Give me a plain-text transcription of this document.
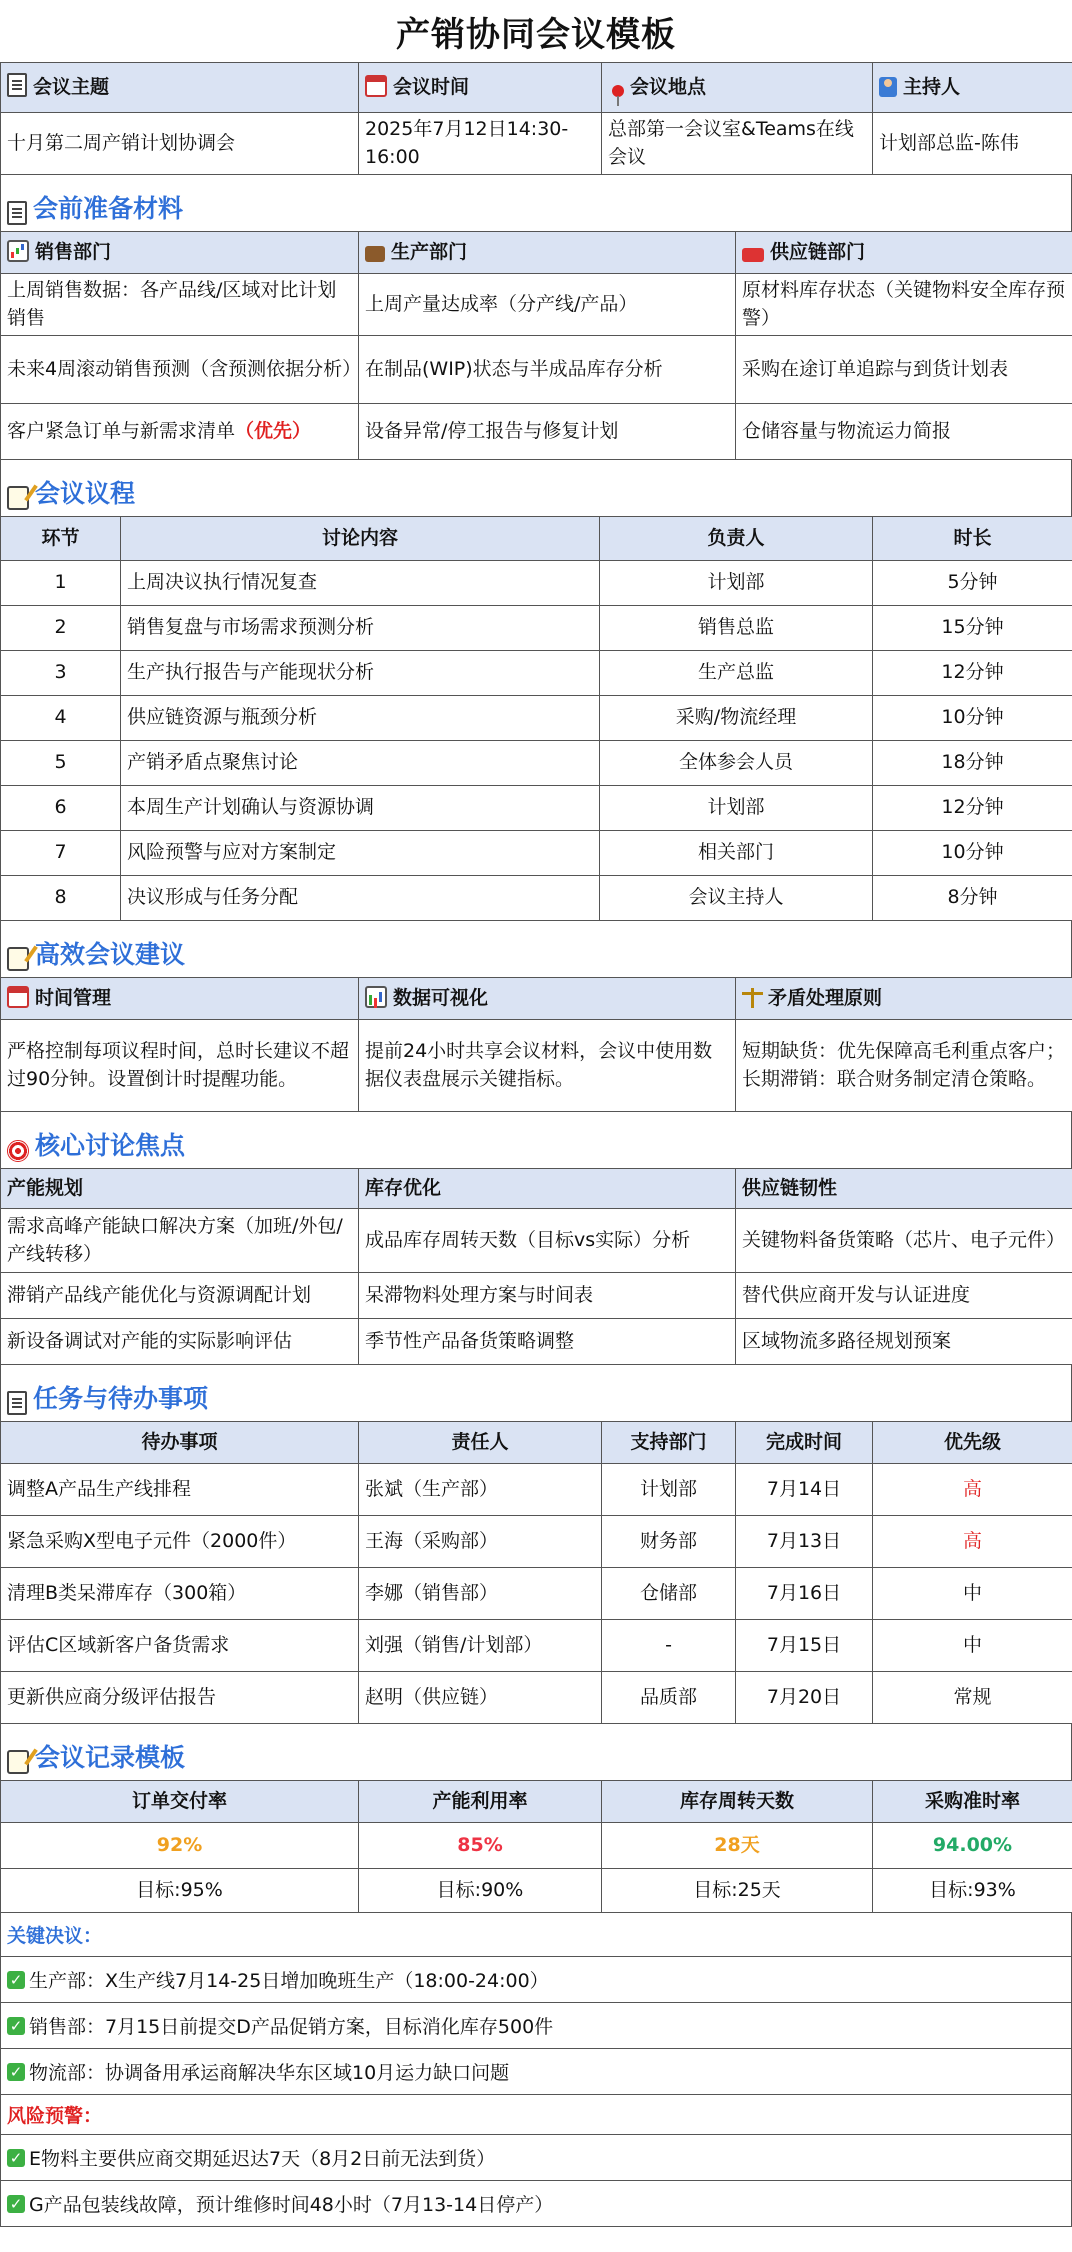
产销协同会议模板
会议主题	会议时间	会议地点	主持人
十月第二周产销计划协调会	2025年7月12日14:30-16:00	总部第一会议室&Teams在线会议	计划部总监-陈伟
会前准备材料
销售部门	生产部门	供应链部门
上周销售数据：各产品线/区域对比计划销售	上周产量达成率（分产线/产品）	原材料库存状态（关键物料安全库存预警）
未来4周滚动销售预测（含预测依据分析）	在制品(WIP)状态与半成品库存分析	采购在途订单追踪与到货计划表
客户紧急订单与新需求清单（优先）	设备异常/停工报告与修复计划	仓储容量与物流运力简报
会议议程
环节	讨论内容	负责人	时长
1	上周决议执行情况复查	计划部	5分钟
2	销售复盘与市场需求预测分析	销售总监	15分钟
3	生产执行报告与产能现状分析	生产总监	12分钟
4	供应链资源与瓶颈分析	采购/物流经理	10分钟
5	产销矛盾点聚焦讨论	全体参会人员	18分钟
6	本周生产计划确认与资源协调	计划部	12分钟
7	风险预警与应对方案制定	相关部门	10分钟
8	决议形成与任务分配	会议主持人	8分钟
高效会议建议
时间管理	数据可视化	矛盾处理原则
严格控制每项议程时间，总时长建议不超过90分钟。设置倒计时提醒功能。	提前24小时共享会议材料，会议中使用数据仪表盘展示关键指标。	短期缺货：优先保障高毛利重点客户；长期滞销：联合财务制定清仓策略。
核心讨论焦点
产能规划	库存优化	供应链韧性
需求高峰产能缺口解决方案（加班/外包/产线转移）	成品库存周转天数（目标vs实际）分析	关键物料备货策略（芯片、电子元件）
滞销产品线产能优化与资源调配计划	呆滞物料处理方案与时间表	替代供应商开发与认证进度
新设备调试对产能的实际影响评估	季节性产品备货策略调整	区域物流多路径规划预案
任务与待办事项
待办事项	责任人	支持部门	完成时间	优先级
调整A产品生产线排程	张斌（生产部）	计划部	7月14日	高
紧急采购X型电子元件（2000件）	王海（采购部）	财务部	7月13日	高
清理B类呆滞库存（300箱）	李娜（销售部）	仓储部	7月16日	中
评估C区域新客户备货需求	刘强（销售/计划部）	-	7月15日	中
更新供应商分级评估报告	赵明（供应链）	品质部	7月20日	常规
会议记录模板
订单交付率	产能利用率	库存周转天数	采购准时率
92%	85%	28天	94.00%
目标:95%	目标:90%	目标:25天	目标:93%
关键决议：
✓ 生产部：X生产线7月14-25日增加晚班生产（18:00-24:00）
✓ 销售部：7月15日前提交D产品促销方案，目标消化库存500件
✓ 物流部：协调备用承运商解决华东区域10月运力缺口问题
风险预警：
✓ E物料主要供应商交期延迟达7天（8月2日前无法到货）
✓ G产品包装线故障，预计维修时间48小时（7月13-14日停产）
